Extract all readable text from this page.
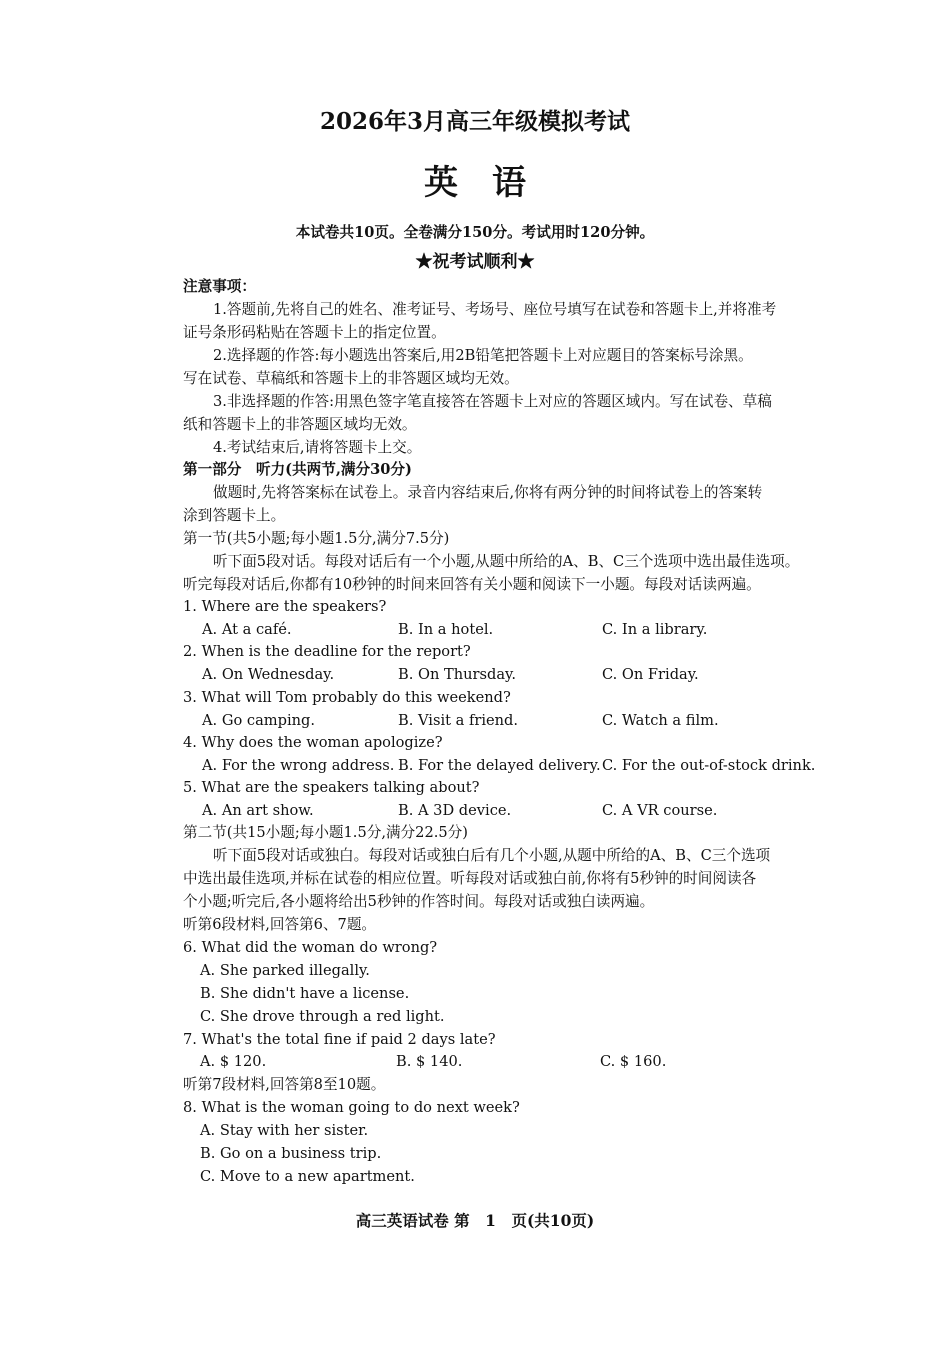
2026年3月高三年级模拟考试
英　语
本试卷共10页。全卷满分150分。考试用时120分钟。
★祝考试顺利★
注意事项：
1.答题前,先将自己的姓名、准考证号、考场号、座位号填写在试卷和答题卡上,并将准考
证号条形码粘贴在答题卡上的指定位置。
2.选择题的作答:每小题选出答案后,用2B铅笔把答题卡上对应题目的答案标号涂黑。
写在试卷、草稿纸和答题卡上的非答题区域均无效。
3.非选择题的作答:用黑色签字笔直接答在答题卡上对应的答题区域内。写在试卷、草稿
纸和答题卡上的非答题区域均无效。
4.考试结束后,请将答题卡上交。
第一部分　听力(共两节,满分30分)
做题时,先将答案标在试卷上。录音内容结束后,你将有两分钟的时间将试卷上的答案转
涂到答题卡上。
第一节(共5小题;每小题1.5分,满分7.5分)
听下面5段对话。每段对话后有一个小题,从题中所给的A、B、C三个选项中选出最佳选项。
听完每段对话后,你都有10秒钟的时间来回答有关小题和阅读下一小题。每段对话读两遍。
1. Where are the speakers?
A. At a café.	B. In a hotel.	C. In a library.
2. When is the deadline for the report?
A. On Wednesday.	B. On Thursday.	C. On Friday.
3. What will Tom probably do this weekend?
A. Go camping.	B. Visit a friend.	C. Watch a film.
4. Why does the woman apologize?
A. For the wrong address. B. For the delayed delivery. C. For the out-of-stock drink.
5. What are the speakers talking about?
A. An art show.	B. A 3D device.	C. A VR course.
第二节(共15小题;每小题1.5分,满分22.5分)
听下面5段对话或独白。每段对话或独白后有几个小题,从题中所给的A、B、C三个选项
中选出最佳选项,并标在试卷的相应位置。听每段对话或独白前,你将有5秒钟的时间阅读各
个小题;听完后,各小题将给出5秒钟的作答时间。每段对话或独白读两遍。
听第6段材料,回答第6、7题。
6. What did the woman do wrong?
A. She parked illegally.
B. She didn't have a license.
C. She drove through a red light.
7. What's the total fine if paid 2 days late?
A. $ 120.	B. $ 140.	C. $ 160.
听第7段材料,回答第8至10题。
8. What is the woman going to do next week?
A. Stay with her sister.
B. Go on a business trip.
C. Move to a new apartment.
高三英语试卷 第　1　页(共10页)
